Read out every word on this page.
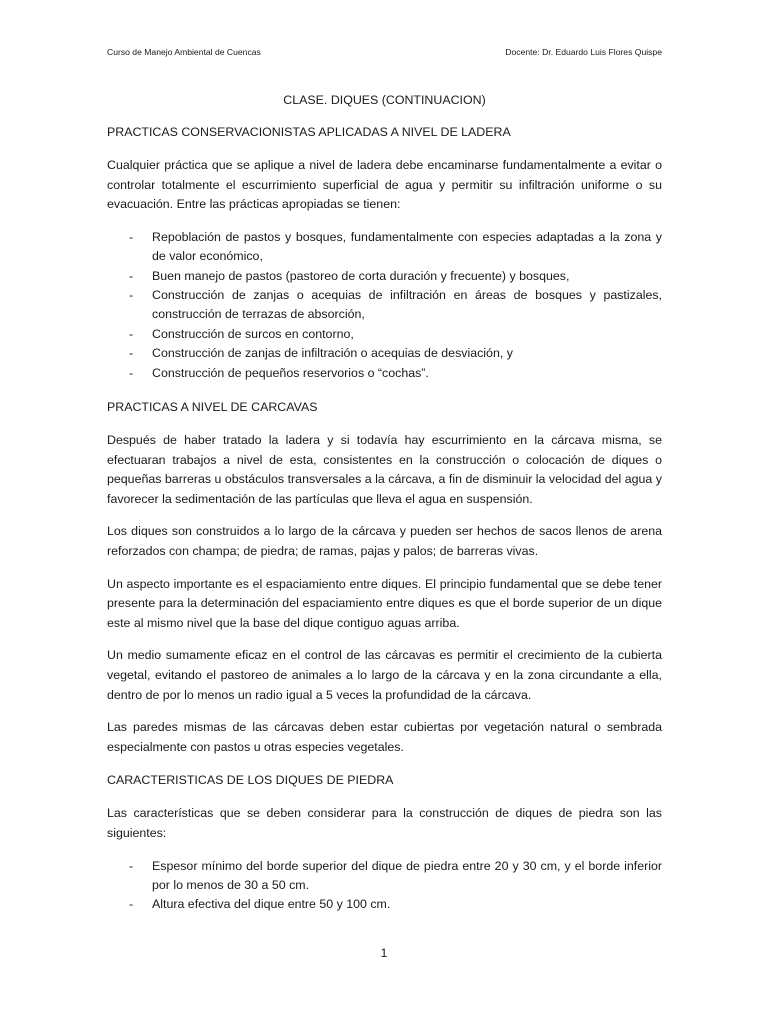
Curso de Manejo Ambiental de Cuencas	Docente: Dr. Eduardo Luis Flores Quispe
CLASE. DIQUES (CONTINUACION)
PRACTICAS CONSERVACIONISTAS APLICADAS A NIVEL DE LADERA

Cualquier práctica que se aplique a nivel de ladera debe encaminarse fundamentalmente a evitar o controlar totalmente el escurrimiento superficial de agua y permitir su infiltración uniforme o su evacuación. Entre las prácticas apropiadas se tienen:

- Repoblación de pastos y bosques, fundamentalmente con especies adaptadas a la zona y de valor económico,
- Buen manejo de pastos (pastoreo de corta duración y frecuente) y bosques,
- Construcción de zanjas o acequias de infiltración en áreas de bosques y pastizales, construcción de terrazas de absorción,
- Construcción de surcos en contorno,
- Construcción de zanjas de infiltración o acequias de desviación, y
- Construcción de pequeños reservorios o “cochas”.
PRACTICAS A NIVEL DE CARCAVAS

Después de haber tratado la ladera y si todavía hay escurrimiento en la cárcava misma, se efectuaran trabajos a nivel de esta, consistentes en la construcción o colocación de diques o pequeñas barreras u obstáculos transversales a la cárcava, a fin de disminuir la velocidad del agua y favorecer la sedimentación de las partículas que lleva el agua en suspensión.

Los diques son construidos a lo largo de la cárcava y pueden ser hechos de sacos llenos de arena reforzados con champa; de piedra; de ramas, pajas y palos; de barreras vivas.

Un aspecto importante es el espaciamiento entre diques. El principio fundamental que se debe tener presente para la determinación del espaciamiento entre diques es que el borde superior de un dique este al mismo nivel que la base del dique contiguo aguas arriba.

Un medio sumamente eficaz en el control de las cárcavas es permitir el crecimiento de la cubierta vegetal, evitando el pastoreo de animales a lo largo de la cárcava y en la zona circundante a ella, dentro de por lo menos un radio igual a 5 veces la profundidad de la cárcava.

Las paredes mismas de las cárcavas deben estar cubiertas por vegetación natural o sembrada especialmente con pastos u otras especies vegetales.

CARACTERISTICAS DE LOS DIQUES DE PIEDRA

Las características que se deben considerar para la construcción de diques de piedra son las siguientes:

- Espesor mínimo del borde superior del dique de piedra entre 20 y 30 cm, y el borde inferior por lo menos de 30 a 50 cm.
- Altura efectiva del dique entre 50 y 100 cm.
1
